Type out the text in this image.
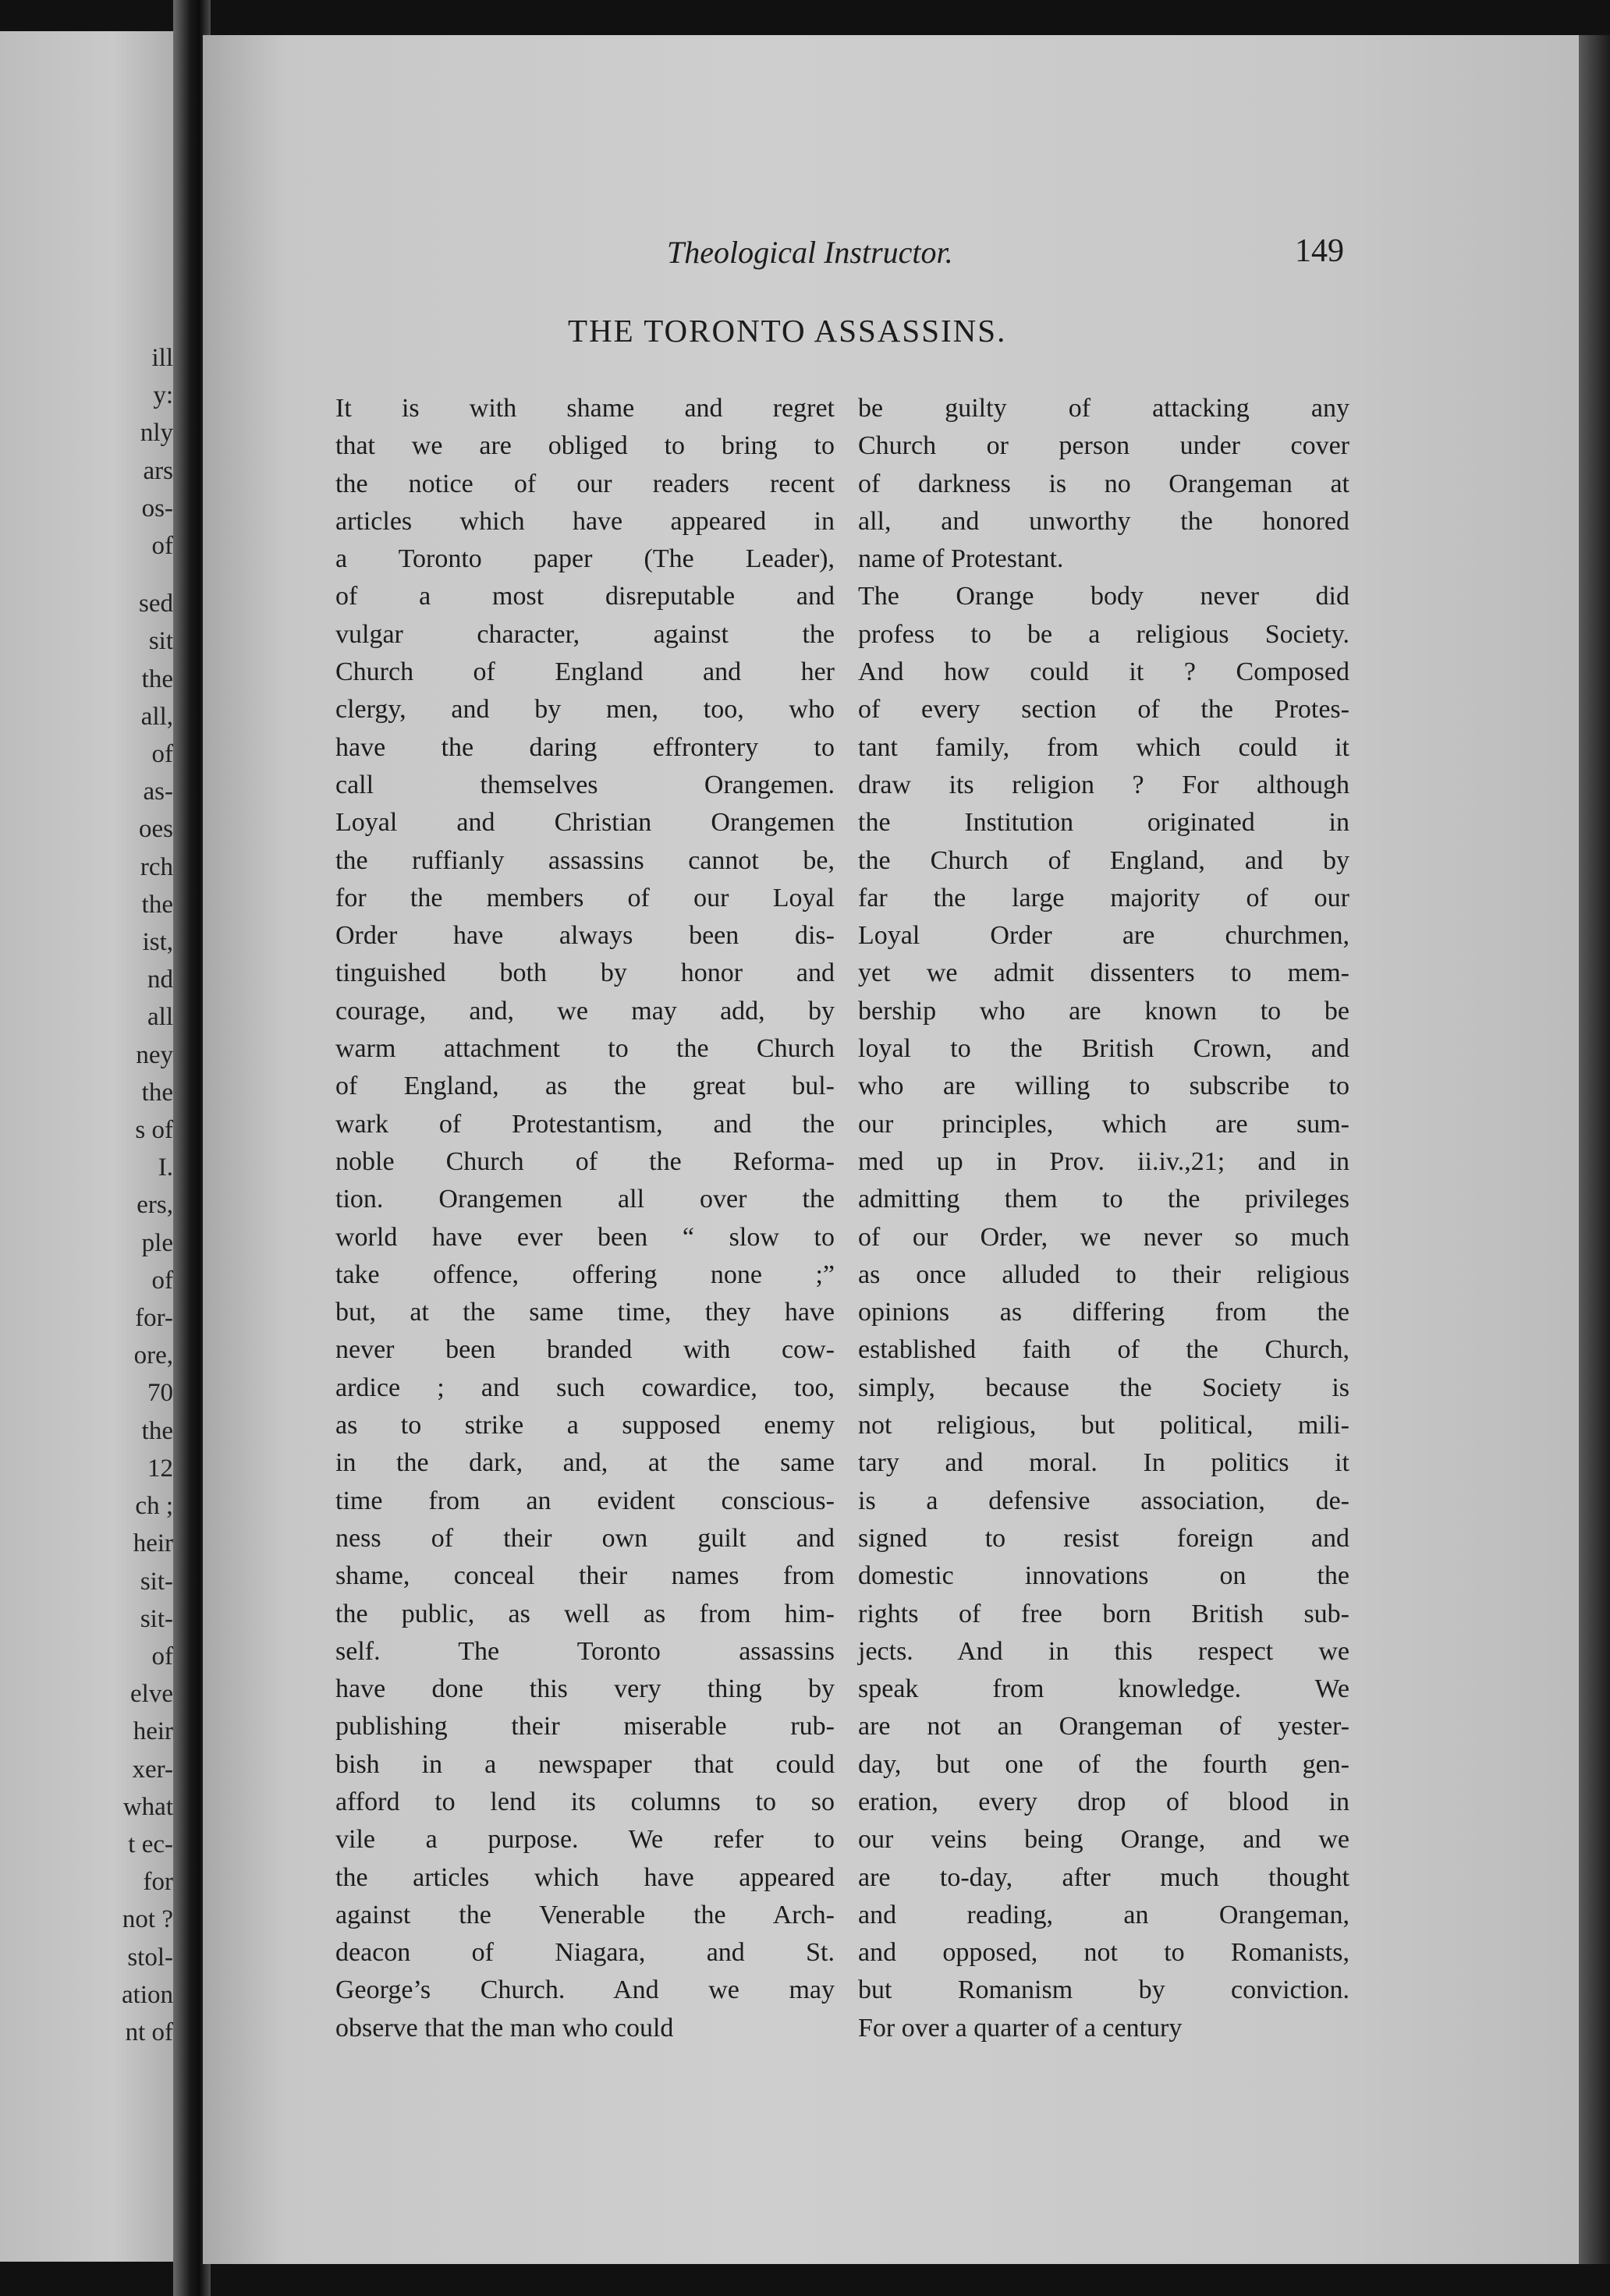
ill
y:
nly
ars
os-
of
sed
sit
the
all,
of
as-
oes
rch
the
ist,
nd
all
ney
the
s of
I.
ers,
ple
of
for-
ore,
70
the
12
ch ;
heir
sit-
sit-
of
elve
heir
xer-
what
t ec-
for
not ?
stol-
ation
nt of
Theological Instructor.	149
THE TORONTO ASSASSINS.
It is with shame and regret
that we are obliged to bring to
the notice of our readers recent
articles which have appeared in
a Toronto paper (The Leader),
of a most disreputable and
vulgar character, against the
Church of England and her
clergy, and by men, too, who
have the daring effrontery to
call themselves Orangemen.
Loyal and Christian Orangemen
the ruffianly assassins cannot be,
for the members of our Loyal
Order have always been dis-
tinguished both by honor and
courage, and, we may add, by
warm attachment to the Church
of England, as the great bul-
wark of Protestantism, and the
noble Church of the Reforma-
tion. Orangemen all over the
world have ever been “ slow to
take offence, offering none ;”
but, at the same time, they have
never been branded with cow-
ardice ; and such cowardice, too,
as to strike a supposed enemy
in the dark, and, at the same
time from an evident conscious-
ness of their own guilt and
shame, conceal their names from
the public, as well as from him-
self. The Toronto assassins
have done this very thing by
publishing their miserable rub-
bish in a newspaper that could
afford to lend its columns to so
vile a purpose. We refer to
the articles which have appeared
against the Venerable the Arch-
deacon of Niagara, and St.
George’s Church. And we may
observe that the man who could
be guilty of attacking any
Church or person under cover
of darkness is no Orangeman at
all, and unworthy the honored
name of Protestant.
The Orange body never did
profess to be a religious Society.
And how could it ? Composed
of every section of the Protes-
tant family, from which could it
draw its religion ? For although
the Institution originated in
the Church of England, and by
far the large majority of our
Loyal Order are churchmen,
yet we admit dissenters to mem-
bership who are known to be
loyal to the British Crown, and
who are willing to subscribe to
our principles, which are sum-
med up in Prov. ii.iv.,21; and in
admitting them to the privileges
of our Order, we never so much
as once alluded to their religious
opinions as differing from the
established faith of the Church,
simply, because the Society is
not religious, but political, mili-
tary and moral. In politics it
is a defensive association, de-
signed to resist foreign and
domestic innovations on the
rights of free born British sub-
jects. And in this respect we
speak from knowledge. We
are not an Orangeman of yester-
day, but one of the fourth gen-
eration, every drop of blood in
our veins being Orange, and we
are to-day, after much thought
and reading, an Orangeman,
and opposed, not to Romanists,
but Romanism by conviction.
For over a quarter of a century
